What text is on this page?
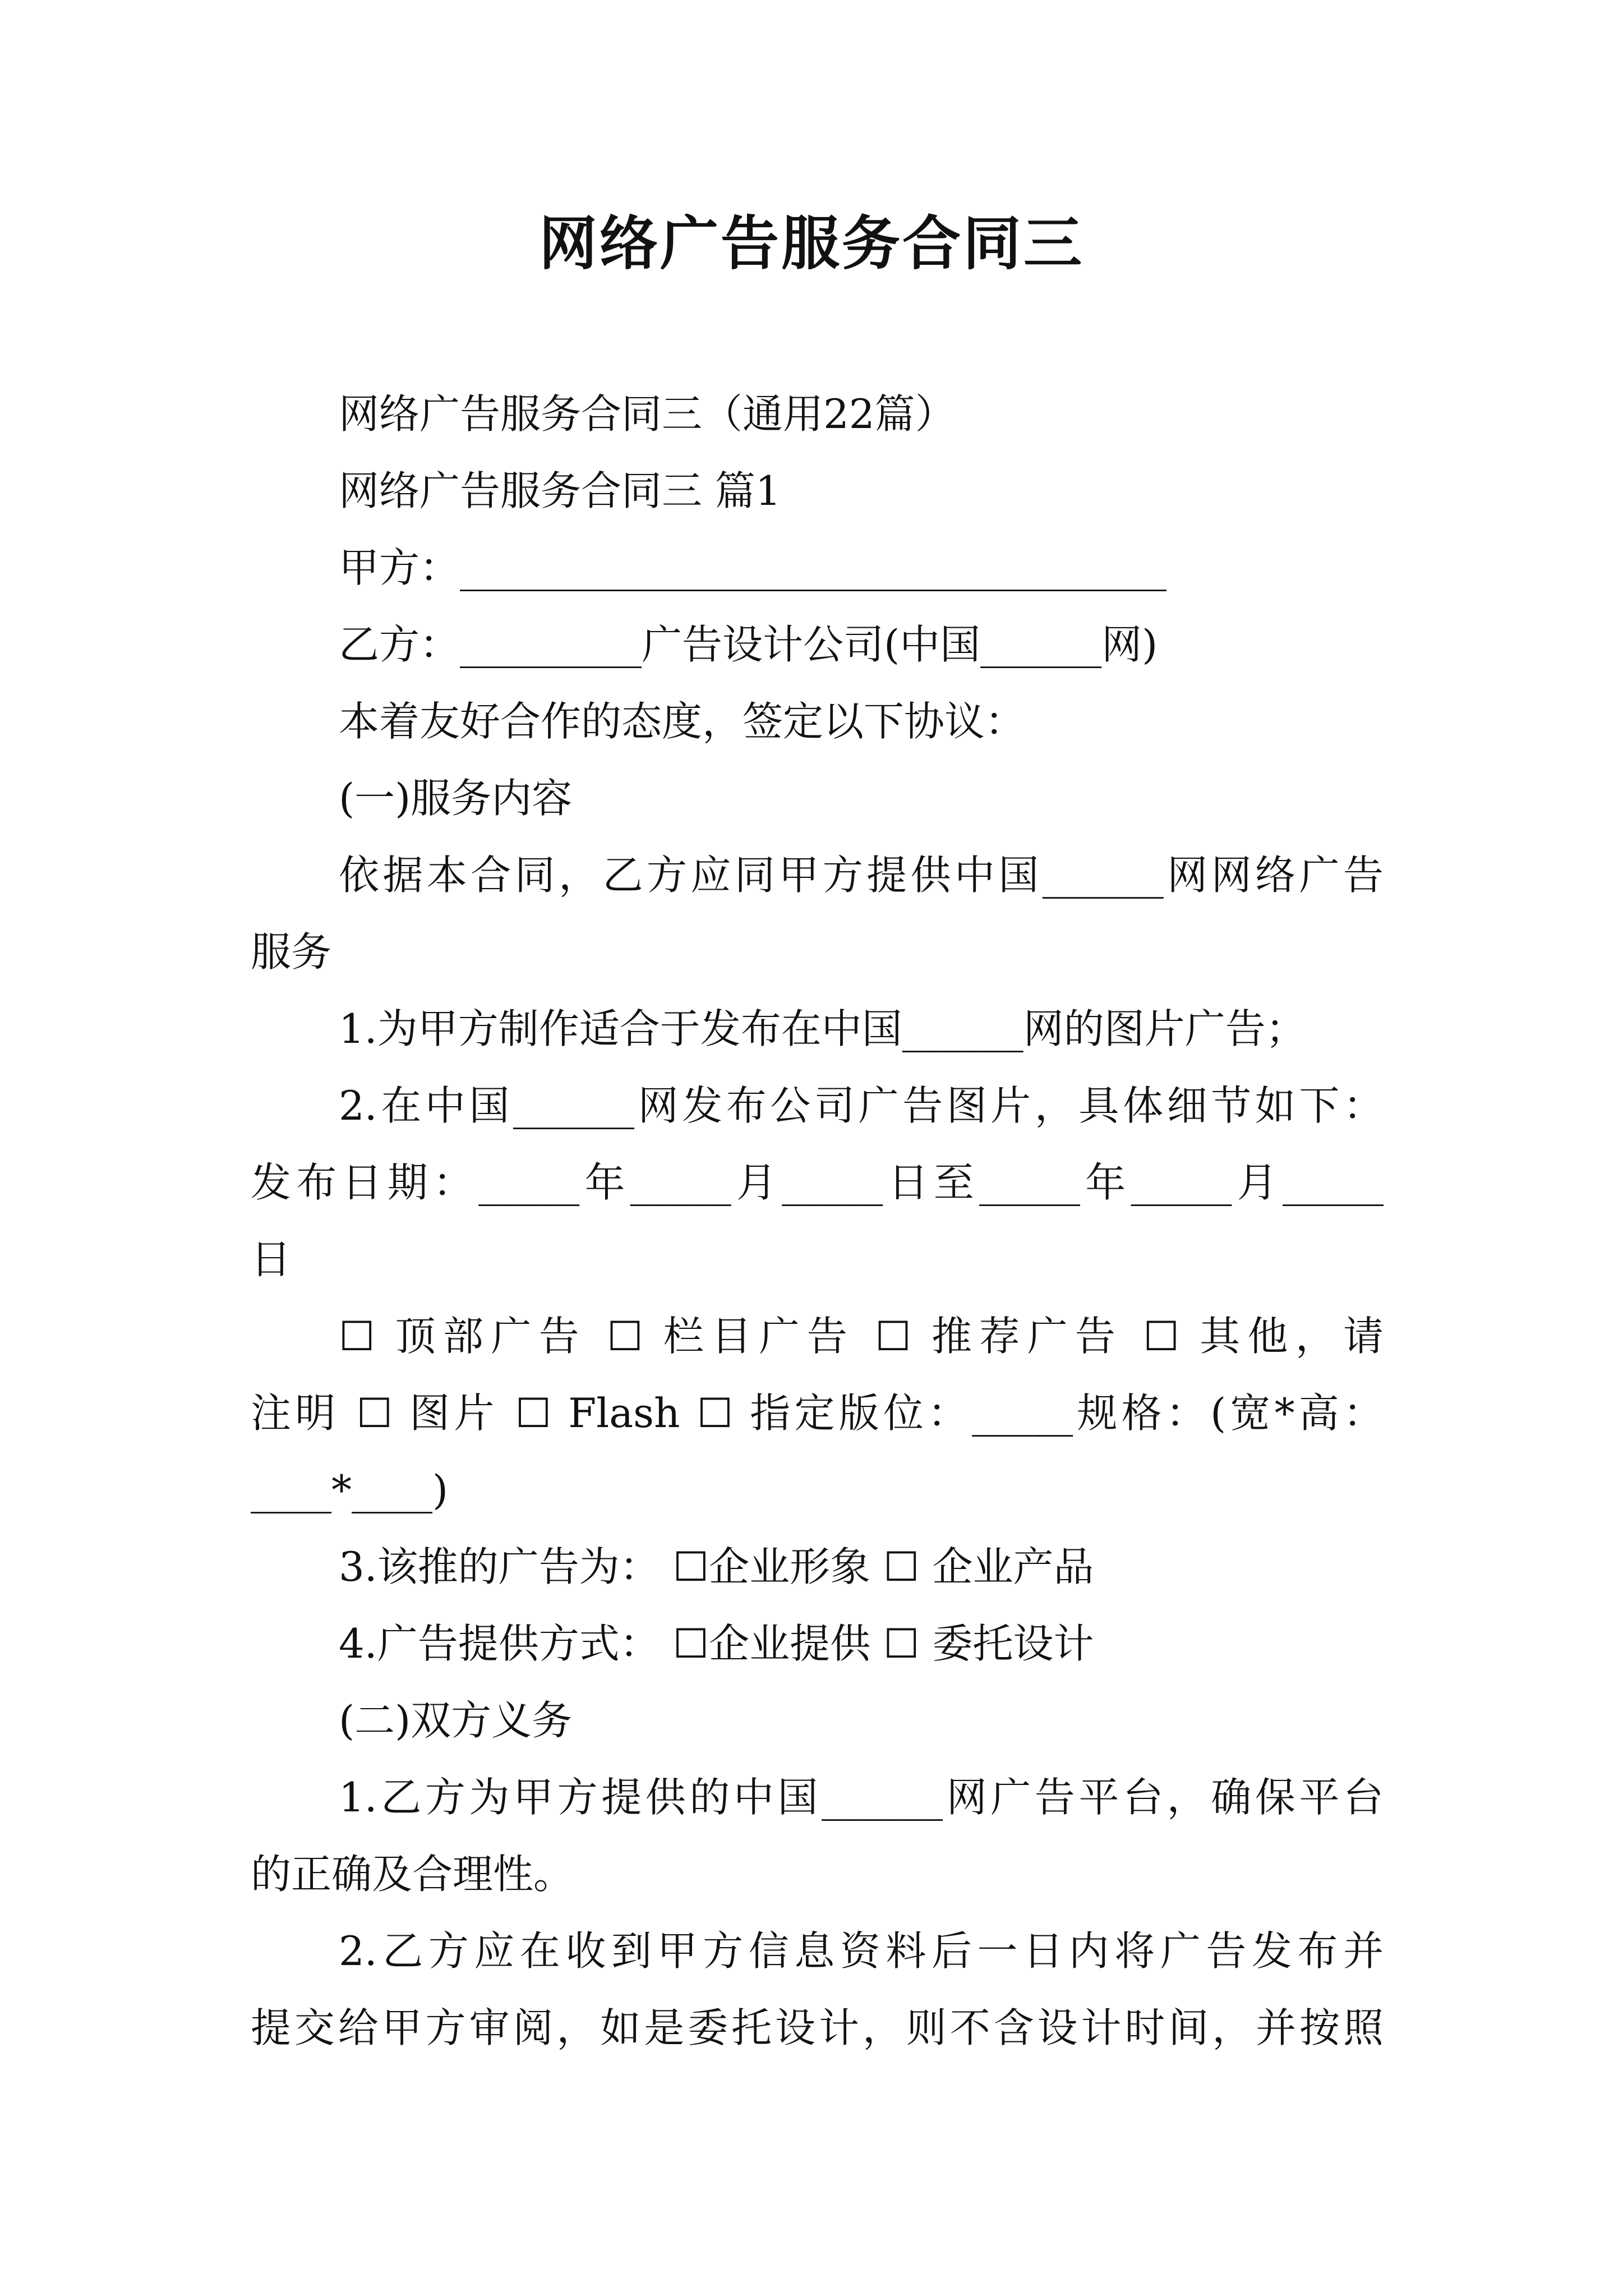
网络广告服务合同三
网络广告服务合同三（通用22篇）
网络广告服务合同三 篇1
甲方：___________________________________
乙方：_________广告设计公司(中国______网)
本着友好合作的态度，签定以下协议：
(一)服务内容
依据本合同，乙方应同甲方提供中国______网网络广告
服务
1.为甲方制作适合于发布在中国______网的图片广告；
2.在中国______网发布公司广告图片，具体细节如下：
发布日期：_____年_____月_____日至_____年_____月_____
日
☐ 顶部广告 ☐ 栏目广告 ☐ 推荐广告 ☐ 其他，请
注明 ☐ 图片 ☐ Flash ☐ 指定版位：_____规格：(宽*高：
____*____)
3.该推的广告为： ☐企业形象 ☐ 企业产品
4.广告提供方式： ☐企业提供 ☐ 委托设计
(二)双方义务
1.乙方为甲方提供的中国______网广告平台，确保平台
的正确及合理性。
2.乙方应在收到甲方信息资料后一日内将广告发布并
提交给甲方审阅，如是委托设计，则不含设计时间，并按照
